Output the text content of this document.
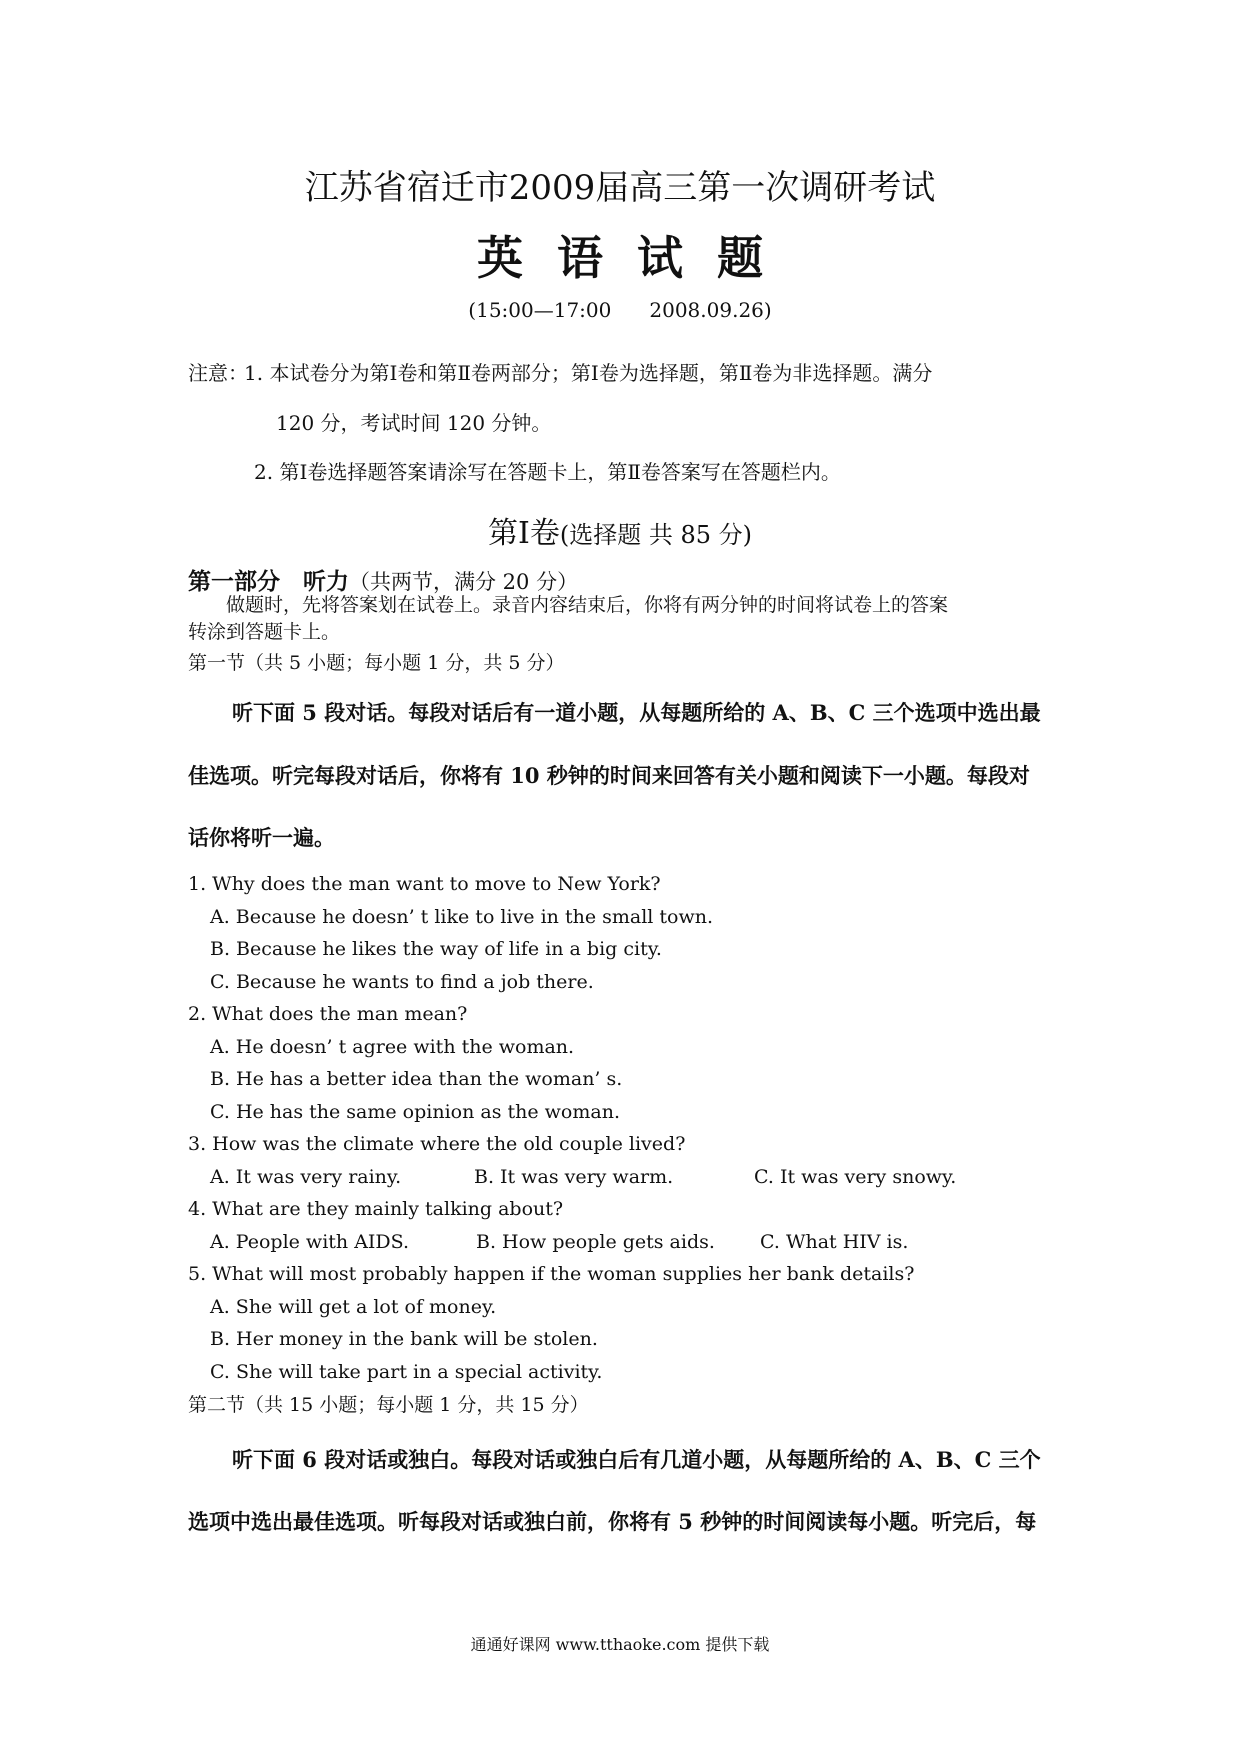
江苏省宿迁市2009届高三第一次调研考试
英语试题
(15:00—17:00 2008.09.26)
注意：
1. 本试卷分为第Ⅰ卷和第Ⅱ卷两部分；第Ⅰ卷为选择题，第Ⅱ卷为非选择题。满分
120 分，考试时间 120 分钟。
2. 第Ⅰ卷选择题答案请涂写在答题卡上，第Ⅱ卷答案写在答题栏内。
第Ⅰ卷(选择题 共 85 分)
第一部分　听力（共两节，满分 20 分）
做题时，先将答案划在试卷上。录音内容结束后，你将有两分钟的时间将试卷上的答案
转涂到答题卡上。
第一节（共 5 小题；每小题 1 分，共 5 分）
听下面 5 段对话。每段对话后有一道小题，从每题所给的 A、B、C 三个选项中选出最
佳选项。听完每段对话后，你将有 10 秒钟的时间来回答有关小题和阅读下一小题。每段对
话你将听一遍。
1. Why does the man want to move to New York?
A. Because he doesn’ t like to live in the small town.
B. Because he likes the way of life in a big city.
C. Because he wants to find a job there.
2. What does the man mean?
A. He doesn’ t agree with the woman.
B. He has a better idea than the woman’ s.
C. He has the same opinion as the woman.
3. How was the climate where the old couple lived?
A. It was very rainy.	B. It was very warm.	C. It was very snowy.
4. What are they mainly talking about?
A. People with AIDS.	B. How people gets aids. C. What HIV is.
5. What will most probably happen if the woman supplies her bank details?
A. She will get a lot of money.
B. Her money in the bank will be stolen.
C. She will take part in a special activity.
第二节（共 15 小题；每小题 1 分，共 15 分）
听下面 6 段对话或独白。每段对话或独白后有几道小题，从每题所给的 A、B、C 三个
选项中选出最佳选项。听每段对话或独白前，你将有 5 秒钟的时间阅读每小题。听完后，每
通通好课网 www.tthaoke.com 提供下载
